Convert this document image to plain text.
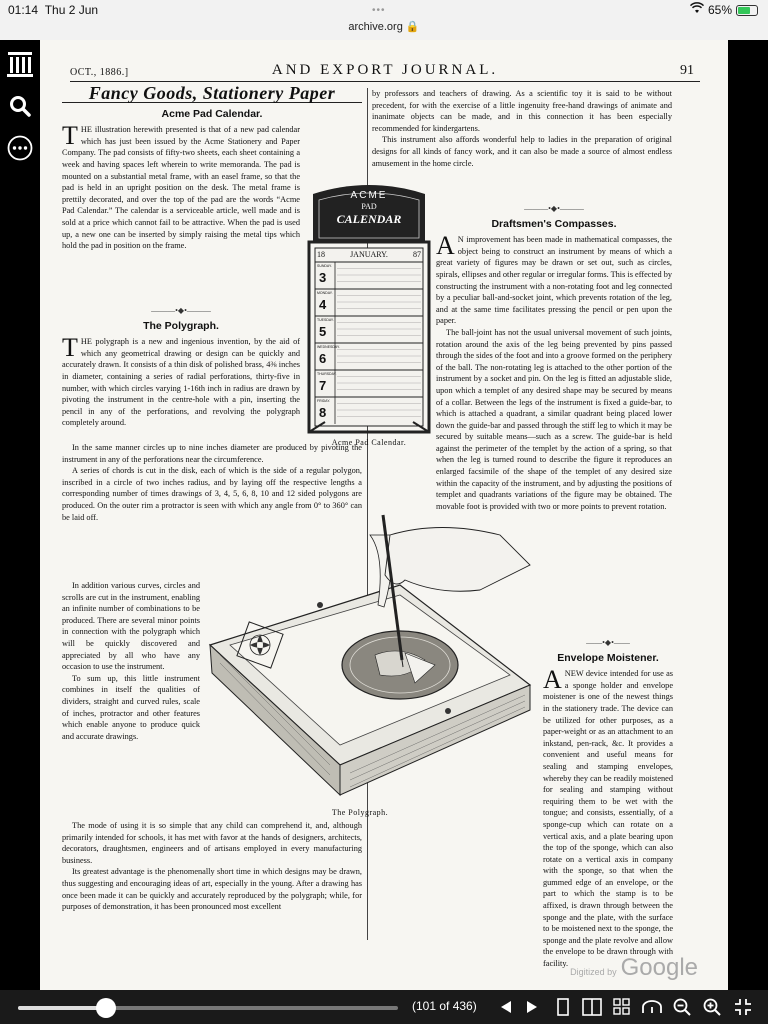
01:14 Thu 2 Jun	•••
archive.org 🔒
65%
OCT., 1886.]	AND EXPORT JOURNAL.	91
Fancy Goods, Stationery Paper
Acme Pad Calendar.

THE illustration herewith presented is that of a new pad calendar which has just been issued by the Acme Stationery and Paper Company. The pad consists of fifty-two sheets, each sheet containing a week and having spaces left wherein to write memoranda. The pad is mounted on a substantial metal frame, with an easel frame, so that the pad is held in an upright position on the desk. The metal frame is prettily decorated, and over the top of the pad are the words “Acme Pad Calendar.” The calendar is a serviceable article, well made and is sold at a price which cannot fail to be attractive. When the pad is used up, a new one can be inserted by simply raising the metal tips which hold the pad in position on the frame.

———•◆•———
The Polygraph.

THE polygraph is a new and ingenious invention, by the aid of which any geometrical drawing or design can be quickly and accurately drawn. It consists of a thin disk of polished brass, 4⅜ inches in diameter, containing a series of radial perforations, thirty-five in number, with which circles varying 1-16th inch in radius are drawn by pivoting the instrument in the centre-hole with a pin, inserting the pencil in any of the perforations, and revolving the polygraph completely around.

In the same manner circles up to nine inches diameter are produced by pivoting the instrument in any of the perforations near the circumference.

A series of chords is cut in the disk, each of which is the side of a regular polygon, inscribed in a circle of two inches radius, and by laying off the respective lengths a corresponding number of times drawings of 3, 4, 5, 6, 8, 10 and 12 sided polygons are produced. On the outer rim a protractor is seen with which any angle from 0° to 360° can be laid off.

In addition various curves, circles and scrolls are cut in the instrument, enabling an infinite number of combinations to be produced. There are several minor points in connection with the polygraph which will be quickly discovered and appreciated by all who have any occasion to use the instrument.

To sum up, this little instrument combines in itself the qualities of dividers, straight and curved rules, scale of inches, protractor and other features which enable anyone to produce quick and accurate drawings.

The mode of using it is so simple that any child can comprehend it, and, although primarily intended for schools, it has met with favor at the hands of designers, architects, decorators, draughtsmen, engineers and of artisans employed in every manufacturing business.

Its greatest advantage is the phenomenally short time in which designs may be drawn, thus suggesting and encouraging ideas of art, especially in the young. After a drawing has once been made it can be quickly and accurately reproduced by the polygraph; while, for purposes of demonstration, it has been pronounced most excellent

by professors and teachers of drawing. As a scientific toy it is said to be without precedent, for with the exercise of a little ingenuity free-hand drawings of animate and inanimate objects can be made, and in this connection it has been especially recommended for kindergartens.

This instrument also affords wonderful help to ladies in the preparation of original designs for all kinds of fancy work, and it can also be made a source of almost endless amusement in the home circle.

———•◆•———
Draftsmen's Compasses.

A N improvement has been made in mathematical compasses, the object being to construct an instrument by means of which a great variety of figures may be drawn or set out, such as circles, spirals, ellipses and other regular or irregular forms. This is effected by constructing the instrument with a non-rotating foot and leg connected by a peculiar ball-and-socket joint, which prevents rotation of the leg, and at the same time facilitates pressing the pencil or pen upon the paper.

The ball-joint has not the usual universal movement of such joints, rotation around the axis of the leg being prevented by pins passed through the sides of the foot and into a groove formed on the periphery of the ball. The non-rotating leg is attached to the other portion of the instrument by a socket and pin. On the leg is fitted an adjustable slide, upon which a templet of any desired shape may be secured by means of a collar. Between the legs of the instrument is fixed a guide-bar, to which is attached a quadrant, a similar quadrant being placed lower down the guide-bar and passed through the stiff leg to which it may be secured by suitable means—such as a screw. The guide-bar is held against the perimeter of the templet by the action of a spring, so that when the leg is turned round to describe the figure it reproduces an enlarged facsimile of the shape of the templet of any desired size within the capacity of the instrument, and by adjusting the positions of templet and quadrants variations of the figure may be obtained. The movable foot is provided with two or more points to prevent rotation.

——•◆•——
Envelope Moistener.

ANEW device intended for use as a sponge holder and envelope moistener is one of the newest things in the stationery trade. The device can be utilized for other purposes, as a paper-weight or as an attachment to an inkstand, pen-rack, &c. It provides a convenient and useful means for sealing and stamping envelopes, whereby they can be readily moistened for sealing and stamping without requiring them to be wet with the tongue; and consists, essentially, of a sponge-cup which can rotate on a vertical axis, and a plate bearing upon the top of the sponge, which can also rotate on a vertical axis in company with the sponge, so that when the gummed edge of an envelope, or the part to which the stamp is to be affixed, is drawn through between the sponge and the plate, with the surface to be moistened next to the sponge, the sponge and the plate revolve and allow the envelope to be drawn through with facility.

ACME
PAD
CALENDAR
18	JANUARY.	87
SUNDAY.
3
MONDAY.
4
TUESDAY.
5
WEDNESDAY.
6
THURSDAY.
7
FRIDAY.
8
Acme Pad Calendar.
The Polygraph.
Digitized by Google
(101 of 436)
